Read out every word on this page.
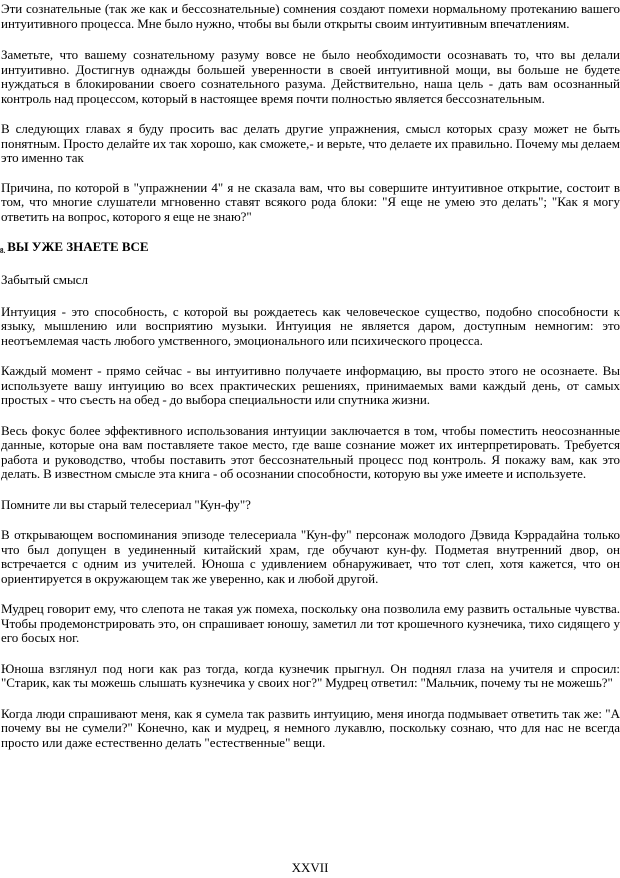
Эти сознательные (так же как и бессознательные) сомнения создают помехи нормальному протеканию вашего интуитивного процесса. Мне было нужно, чтобы вы были открыты своим интуитивным впечатлениям.

Заметьте, что вашему сознательному разуму вовсе не было необходимости осознавать то, что вы делали интуитивно. Достигнув однажды большей уверенности в своей интуитивной мощи, вы больше не будете нуждаться в блокировании своего сознательного разума. Действительно, наша цель - дать вам осознанный контроль над процессом, который в настоящее время почти полностью является бессознательным.

В следующих главах я буду просить вас делать другие упражнения, смысл которых сразу может не быть понятным. Просто делайте их так хорошо, как сможете,- и верьте, что делаете их правильно. Почему мы делаем это именно так

Причина, по которой в "упражнении 4" я не сказала вам, что вы совершите интуитивное открытие, состоит в том, что многие слушатели мгновенно ставят всякого рода блоки: "Я еще не умею это делать"; "Как я могу ответить на вопрос, которого я еще не знаю?"

8. ВЫ УЖЕ ЗНАЕТЕ ВСЕ

Забытый смысл

Интуиция - это способность, с которой вы рождаетесь как человеческое существо, подобно способности к языку, мышлению или восприятию музыки. Интуиция не является даром, доступным немногим: это неотъемлемая часть любого умственного, эмоционального или психического процесса.

Каждый момент - прямо сейчас - вы интуитивно получаете информацию, вы просто этого не осознаете. Вы используете вашу интуицию во всех практических решениях, принимаемых вами каждый день, от самых простых - что съесть на обед - до выбора специальности или спутника жизни.

Весь фокус более эффективного использования интуиции заключается в том, чтобы поместить неосознанные данные, которые она вам поставляете такое место, где ваше сознание может их интерпретировать. Требуется работа и руководство, чтобы поставить этот бессознательный процесс под контроль. Я покажу вам, как это делать. В известном смысле эта книга - об осознании способности, которую вы уже имеете и используете.

Помните ли вы старый телесериал "Кун-фу"?

В открывающем воспоминания эпизоде телесериала "Кун-фу" персонаж молодого Дэвида Кэррадайна только что был допущен в уединенный китайский храм, где обучают кун-фу. Подметая внутренний двор, он встречается с одним из учителей. Юноша с удивлением обнаруживает, что тот слеп, хотя кажется, что он ориентируется в окружающем так же уверенно, как и любой другой.

Мудрец говорит ему, что слепота не такая уж помеха, поскольку она позволила ему развить остальные чувства. Чтобы продемонстрировать это, он спрашивает юношу, заметил ли тот крошечного кузнечика, тихо сидящего у его босых ног.

Юноша взглянул под ноги как раз тогда, когда кузнечик прыгнул. Он поднял глаза на учителя и спросил: "Старик, как ты можешь слышать кузнечика у своих ног?" Мудрец ответил: "Мальчик, почему ты не можешь?"

Когда люди спрашивают меня, как я сумела так развить интуицию, меня иногда подмывает ответить так же: "А почему вы не сумели?" Конечно, как и мудрец, я немного лукавлю, поскольку сознаю, что для нас не всегда просто или даже естественно делать "естественные" вещи.

XXVII
